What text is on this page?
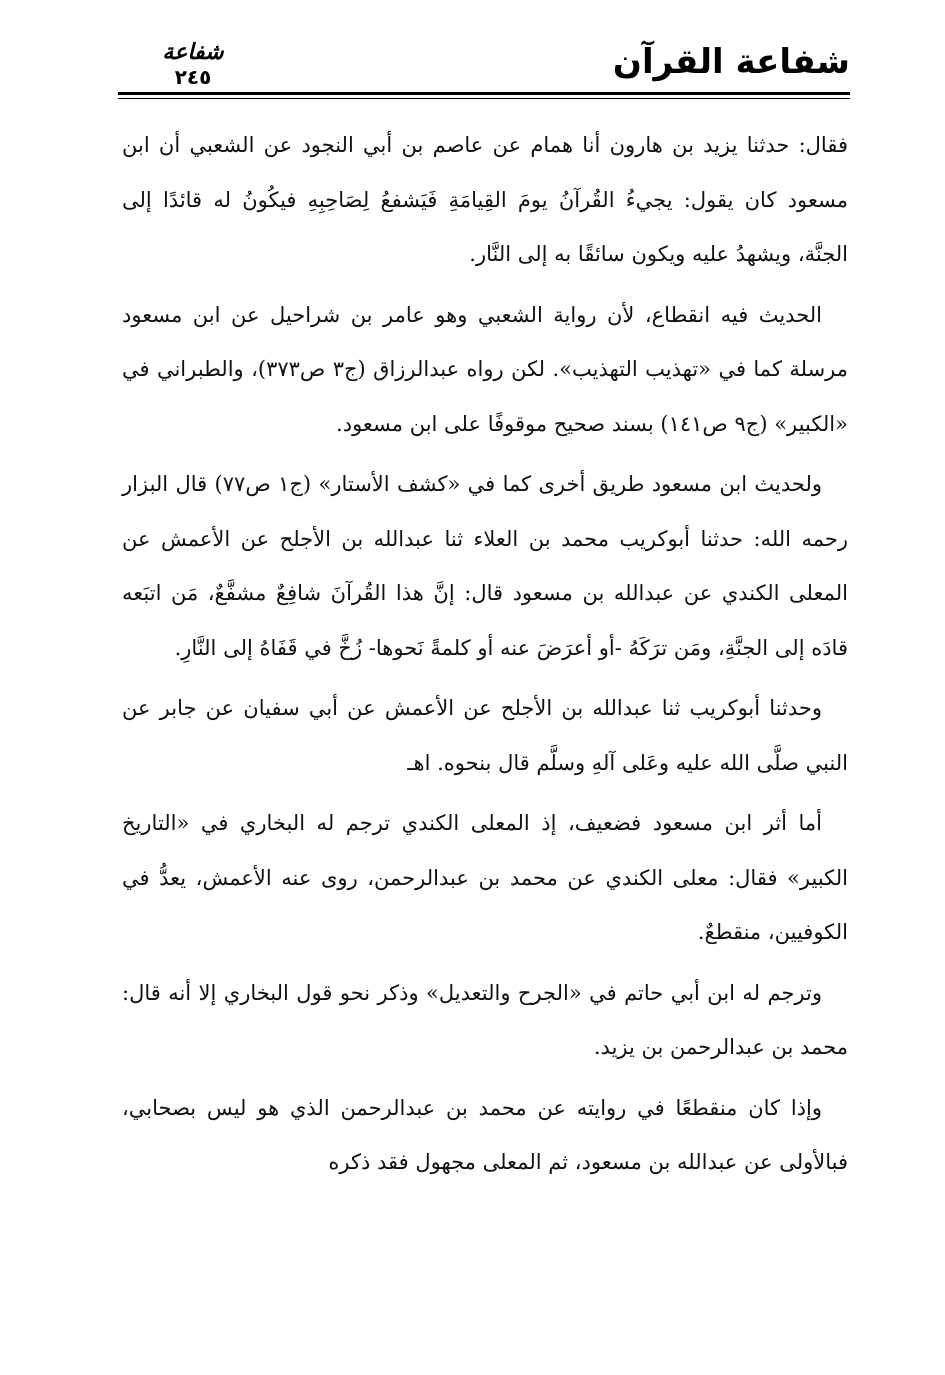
شفاعة القرآن
شفاعة
٢٤٥

فقال: حدثنا يزيد بن هارون أنا همام عن عاصم بن أبي النجود عن الشعبي أن ابن مسعود كان يقول: يجيءُ القُرآنُ يومَ القِيامَةِ فَيَشفعُ لِصَاحِبِهِ فيكُونُ له قائدًا إلى الجنَّة، ويشهدُ عليه ويكون سائقًا به إلى النَّار.

الحديث فيه انقطاع، لأن رواية الشعبي وهو عامر بن شراحيل عن ابن مسعود مرسلة كما في «تهذيب التهذيب». لكن رواه عبدالرزاق (ج٣ ص٣٧٣)، والطبراني في «الكبير» (ج٩ ص١٤١) بسند صحيح موقوفًا على ابن مسعود.

ولحديث ابن مسعود طريق أخرى كما في «كشف الأستار» (ج١ ص٧٧) قال البزار رحمه الله: حدثنا أبوكريب محمد بن العلاء ثنا عبدالله بن الأجلح عن الأعمش عن المعلى الكندي عن عبدالله بن مسعود قال: إنَّ هذا القُرآنَ شافِعٌ مشفَّعٌ، مَن اتبَعه قادَه إلى الجنَّةِ، ومَن ترَكَهُ -أو أعرَضَ عنه أو كلمةً نَحوها- زُخَّ في قَفَاهُ إلى النَّارِ.

وحدثنا أبوكريب ثنا عبدالله بن الأجلح عن الأعمش عن أبي سفيان عن جابر عن النبي صلَّى الله عليه وعَلى آلهِ وسلَّم قال بنحوه. اهـ

أما أثر ابن مسعود فضعيف، إذ المعلى الكندي ترجم له البخاري في «التاريخ الكبير» فقال: معلى الكندي عن محمد بن عبدالرحمن، روى عنه الأعمش، يعدُّ في الكوفيين، منقطعٌ.

وترجم له ابن أبي حاتم في «الجرح والتعديل» وذكر نحو قول البخاري إلا أنه قال: محمد بن عبدالرحمن بن يزيد.

وإذا كان منقطعًا في روايته عن محمد بن عبدالرحمن الذي هو ليس بصحابي، فبالأولى عن عبدالله بن مسعود، ثم المعلى مجهول فقد ذكره
